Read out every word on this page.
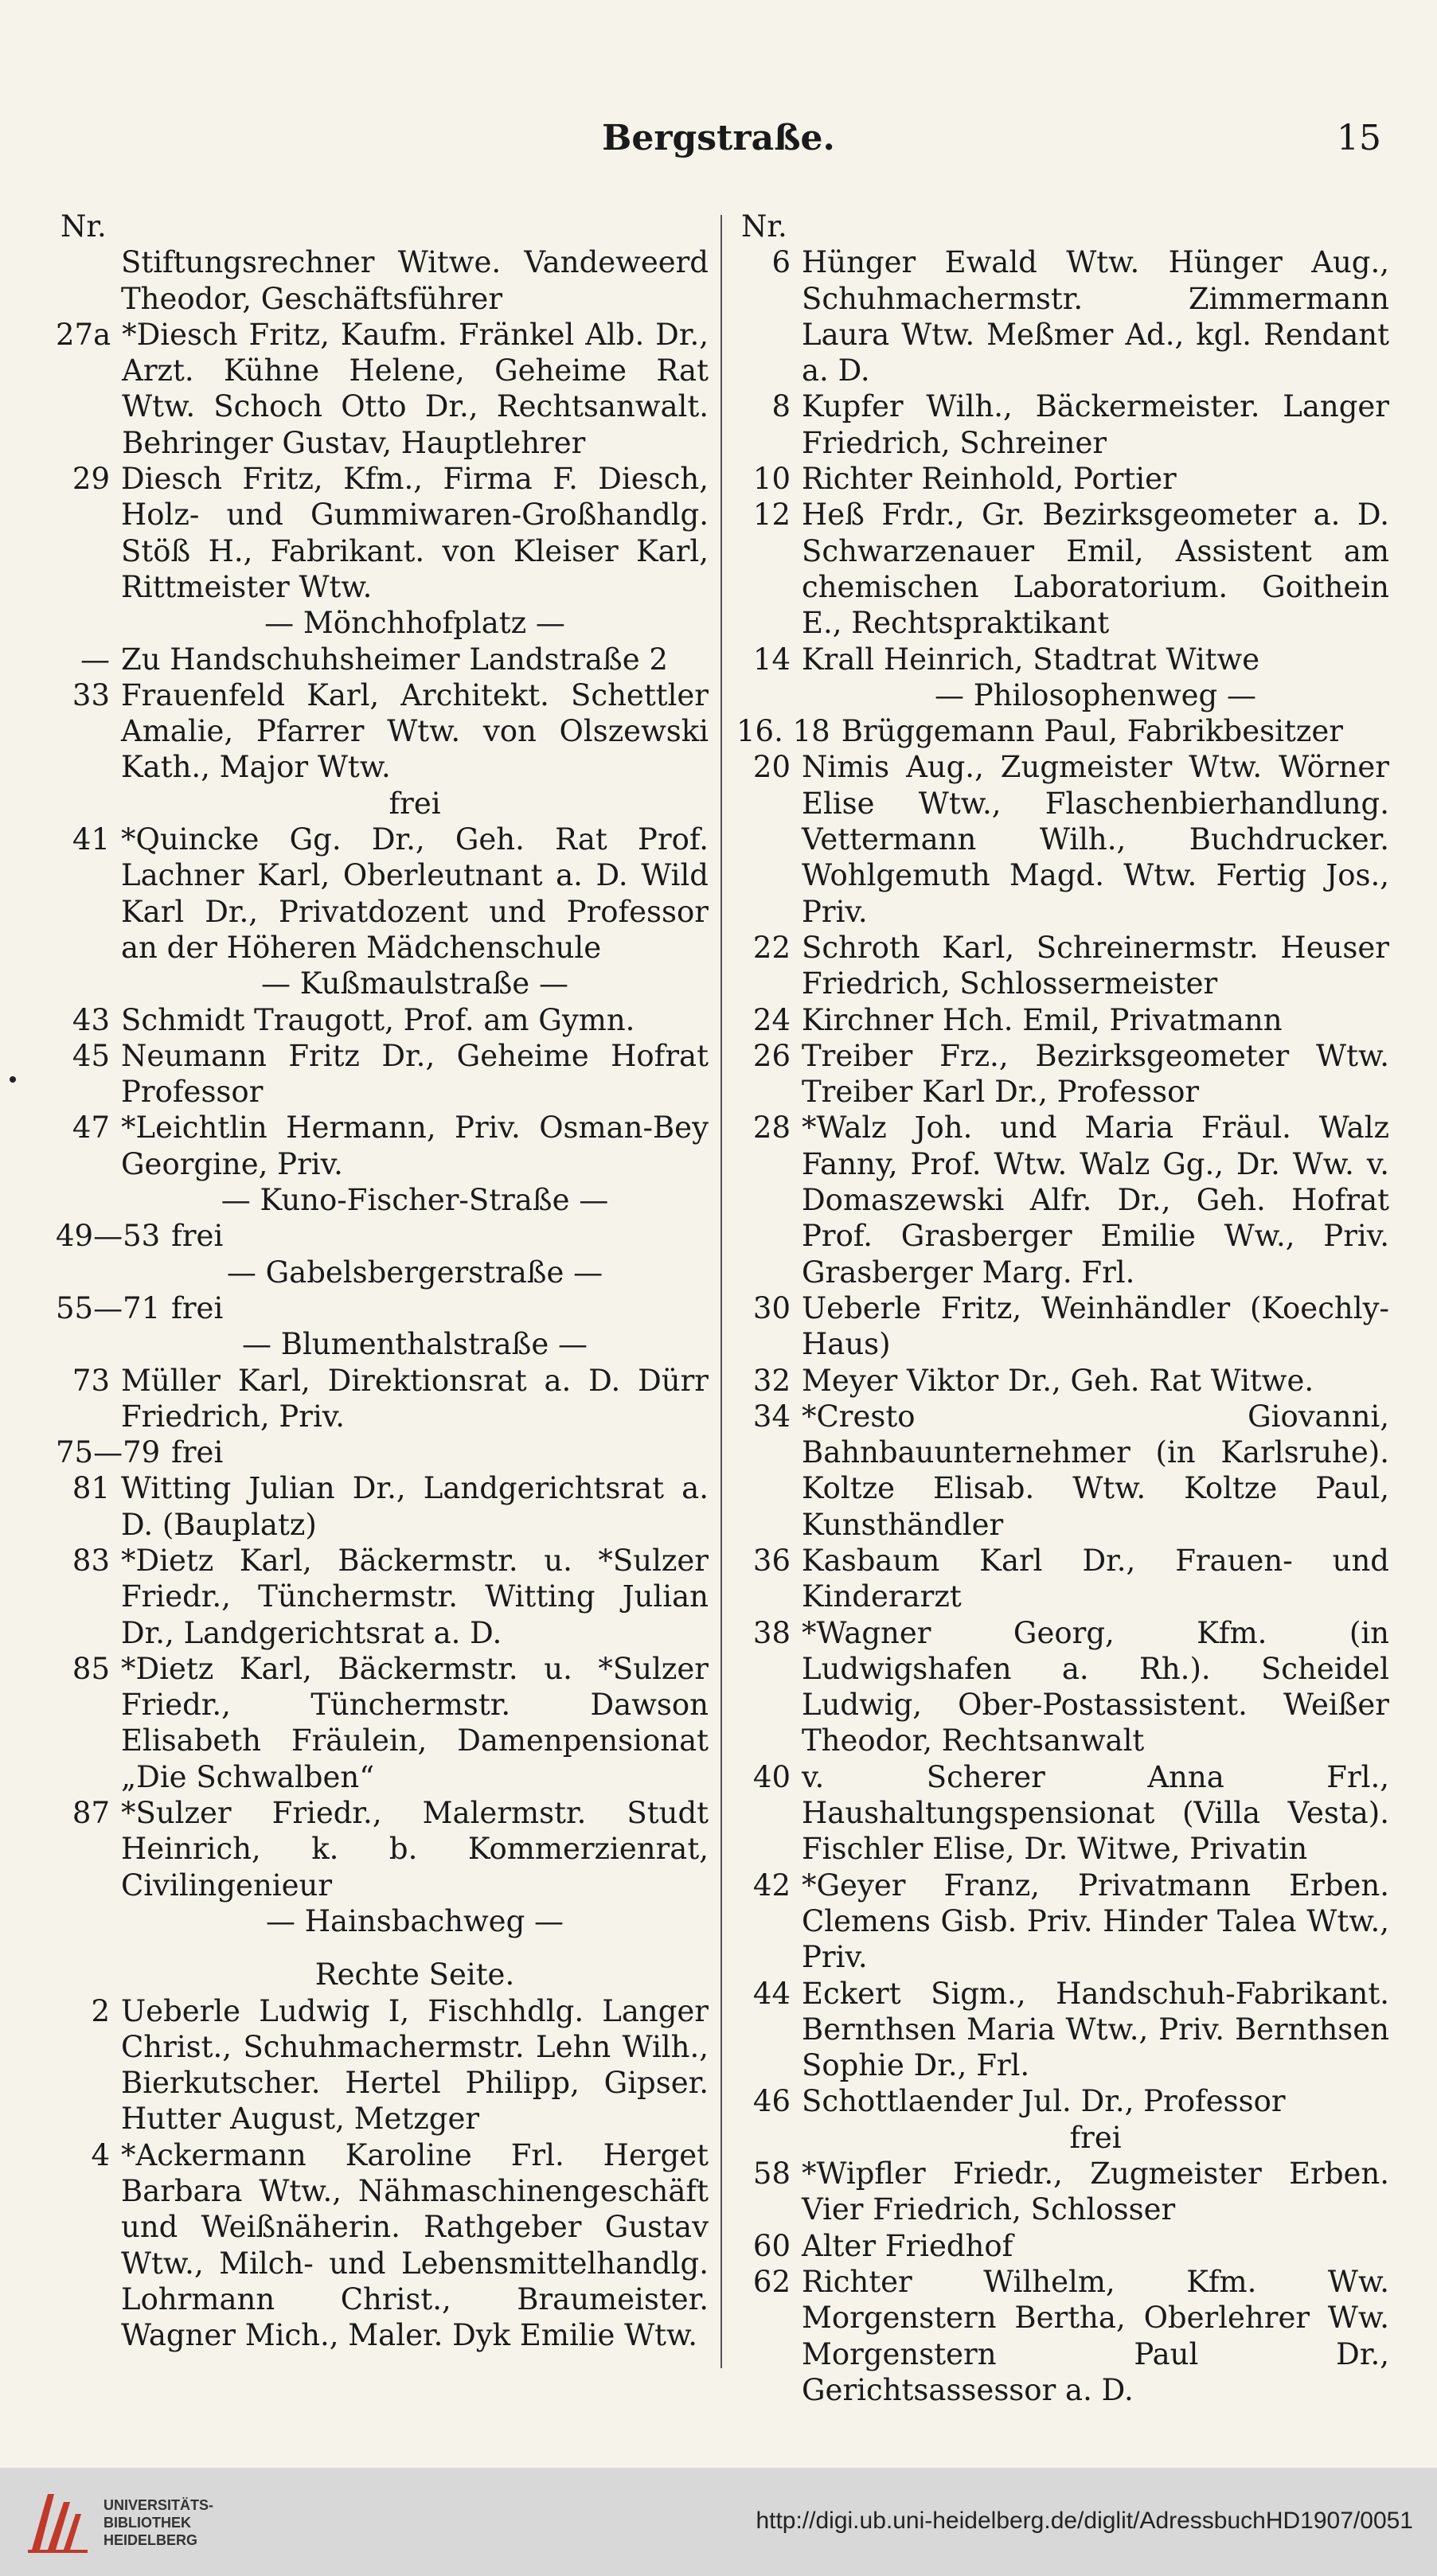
Bergstraße.	15
Nr.
Stiftungsrechner Witwe. Vandeweerd Theodor, Geschäftsführer
27a *Diesch Fritz, Kaufm. Fränkel Alb. Dr., Arzt. Kühne Helene, Geheime Rat Wtw. Schoch Otto Dr., Rechtsanwalt. Behringer Gustav, Hauptlehrer
29 Diesch Fritz, Kfm., Firma F. Diesch, Holz- und Gummiwaren-Großhandlg. Stöß H., Fabrikant. von Kleiser Karl, Rittmeister Wtw.
— Mönchhofplatz —
— Zu Handschuhsheimer Landstraße 2
33 Frauenfeld Karl, Architekt. Schettler Amalie, Pfarrer Wtw. von Olszewski Kath., Major Wtw.
frei
41 *Quincke Gg. Dr., Geh. Rat Prof. Lachner Karl, Oberleutnant a. D. Wild Karl Dr., Privatdozent und Professor an der Höheren Mädchenschule
— Kußmaulstraße —
43 Schmidt Traugott, Prof. am Gymn.
45 Neumann Fritz Dr., Geheime Hofrat Professor
47 *Leichtlin Hermann, Priv. Osman-Bey Georgine, Priv.
— Kuno-Fischer-Straße —
49—53 frei
— Gabelsbergerstraße —
55—71 frei
— Blumenthalstraße —
73 Müller Karl, Direktionsrat a. D. Dürr Friedrich, Priv.
75—79 frei
81 Witting Julian Dr., Landgerichtsrat a. D. (Bauplatz)
83 *Dietz Karl, Bäckermstr. u. *Sulzer Friedr., Tünchermstr. Witting Julian Dr., Landgerichtsrat a. D.
85 *Dietz Karl, Bäckermstr. u. *Sulzer Friedr., Tünchermstr. Dawson Elisabeth Fräulein, Damenpensionat „Die Schwalben“
87 *Sulzer Friedr., Malermstr. Studt Heinrich, k. b. Kommerzienrat, Civilingenieur
— Hainsbachweg —
Rechte Seite.
2 Ueberle Ludwig I, Fischhdlg. Langer Christ., Schuhmachermstr. Lehn Wilh., Bierkutscher. Hertel Philipp, Gipser. Hutter August, Metzger
4 *Ackermann Karoline Frl. Herget Barbara Wtw., Nähmaschinengeschäft und Weißnäherin. Rathgeber Gustav Wtw., Milch- und Lebensmittelhandlg. Lohrmann Christ., Braumeister. Wagner Mich., Maler. Dyk Emilie Wtw.
Nr.
6 Hünger Ewald Wtw. Hünger Aug., Schuhmachermstr. Zimmermann Laura Wtw. Meßmer Ad., kgl. Rendant a. D.
8 Kupfer Wilh., Bäckermeister. Langer Friedrich, Schreiner
10 Richter Reinhold, Portier
12 Heß Frdr., Gr. Bezirksgeometer a. D. Schwarzenauer Emil, Assistent am chemischen Laboratorium. Goithein E., Rechtspraktikant
14 Krall Heinrich, Stadtrat Witwe
— Philosophenweg —
16. 18 Brüggemann Paul, Fabrikbesitzer
20 Nimis Aug., Zugmeister Wtw. Wörner Elise Wtw., Flaschenbierhandlung. Vettermann Wilh., Buchdrucker. Wohlgemuth Magd. Wtw. Fertig Jos., Priv.
22 Schroth Karl, Schreinermstr. Heuser Friedrich, Schlossermeister
24 Kirchner Hch. Emil, Privatmann
26 Treiber Frz., Bezirksgeometer Wtw. Treiber Karl Dr., Professor
28 *Walz Joh. und Maria Fräul. Walz Fanny, Prof. Wtw. Walz Gg., Dr. Ww. v. Domaszewski Alfr. Dr., Geh. Hofrat Prof. Grasberger Emilie Ww., Priv. Grasberger Marg. Frl.
30 Ueberle Fritz, Weinhändler (Koechly-Haus)
32 Meyer Viktor Dr., Geh. Rat Witwe.
34 *Cresto Giovanni, Bahnbauunternehmer (in Karlsruhe). Koltze Elisab. Wtw. Koltze Paul, Kunsthändler
36 Kasbaum Karl Dr., Frauen- und Kinderarzt
38 *Wagner Georg, Kfm. (in Ludwigshafen a. Rh.). Scheidel Ludwig, Ober-Postassistent. Weißer Theodor, Rechtsanwalt
40 v. Scherer Anna Frl., Haushaltungspensionat (Villa Vesta). Fischler Elise, Dr. Witwe, Privatin
42 *Geyer Franz, Privatmann Erben. Clemens Gisb. Priv. Hinder Talea Wtw., Priv.
44 Eckert Sigm., Handschuh-Fabrikant. Bernthsen Maria Wtw., Priv. Bernthsen Sophie Dr., Frl.
46 Schottlaender Jul. Dr., Professor
frei
58 *Wipfler Friedr., Zugmeister Erben. Vier Friedrich, Schlosser
60 Alter Friedhof
62 Richter Wilhelm, Kfm. Ww. Morgenstern Bertha, Oberlehrer Ww. Morgenstern Paul Dr., Gerichtsassessor a. D.
UNIVERSITÄTS-
BIBLIOTHEK
HEIDELBERG
http://digi.ub.uni-heidelberg.de/diglit/AdressbuchHD1907/0051
